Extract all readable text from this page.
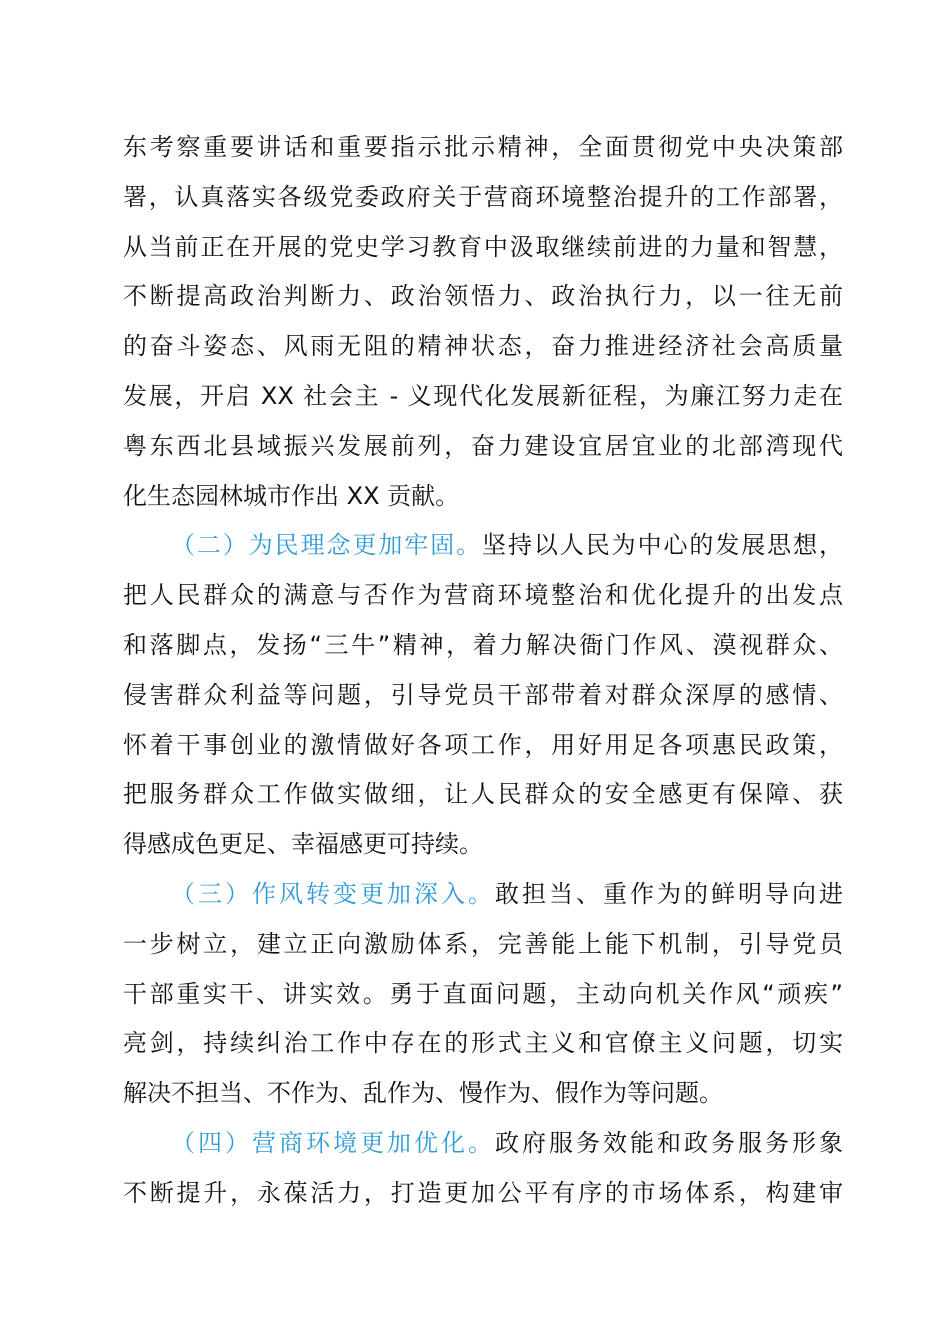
东考察重要讲话和重要指示批示精神，全面贯彻党中央决策部
署，认真落实各级党委政府关于营商环境整治提升的工作部署，
从当前正在开展的党史学习教育中汲取继续前进的力量和智慧，
不断提高政治判断力、政治领悟力、政治执行力，以一往无前
的奋斗姿态、风雨无阻的精神状态，奋力推进经济社会高质量
发展，开启 XX 社会主 - 义现代化发展新征程，为廉江努力走在
粤东西北县域振兴发展前列，奋力建设宜居宜业的北部湾现代
化生态园林城市作出 XX 贡献。
（二）为民理念更加牢固。坚持以人民为中心的发展思想，
把人民群众的满意与否作为营商环境整治和优化提升的出发点
和落脚点，发扬“三牛”精神，着力解决衙门作风、漠视群众、
侵害群众利益等问题，引导党员干部带着对群众深厚的感情、
怀着干事创业的激情做好各项工作，用好用足各项惠民政策，
把服务群众工作做实做细，让人民群众的安全感更有保障、获
得感成色更足、幸福感更可持续。
（三）作风转变更加深入。敢担当、重作为的鲜明导向进
一步树立，建立正向激励体系，完善能上能下机制，引导党员
干部重实干、讲实效。勇于直面问题，主动向机关作风“顽疾”
亮剑，持续纠治工作中存在的形式主义和官僚主义问题，切实
解决不担当、不作为、乱作为、慢作为、假作为等问题。
（四）营商环境更加优化。政府服务效能和政务服务形象
不断提升，永葆活力，打造更加公平有序的市场体系，构建审
